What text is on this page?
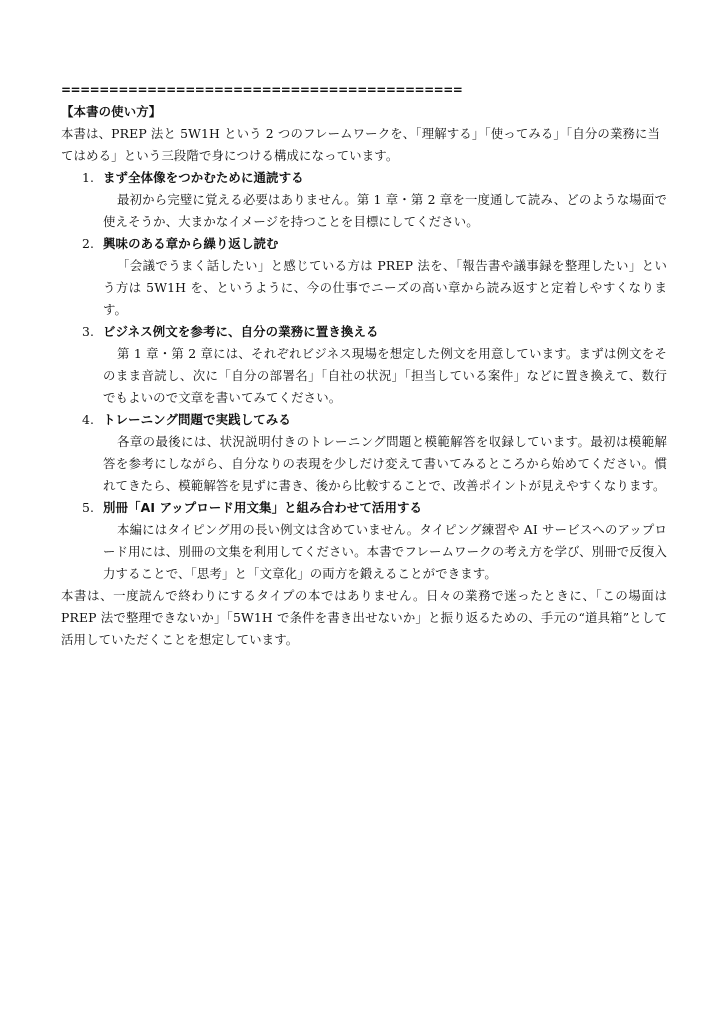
==========================================

【本書の使い方】

本書は、PREP 法と 5W1H という 2 つのフレームワークを、「理解する」「使ってみる」「自分の業務に当てはめる」という三段階で身につける構成になっています。

1. まず全体像をつかむために通読する

最初から完璧に覚える必要はありません。第 1 章・第 2 章を一度通して読み、どのような場面で使えそうか、大まかなイメージを持つことを目標にしてください。

2. 興味のある章から繰り返し読む

「会議でうまく話したい」と感じている方は PREP 法を、「報告書や議事録を整理したい」という方は 5W1H を、というように、今の仕事でニーズの高い章から読み返すと定着しやすくなります。

3. ビジネス例文を参考に、自分の業務に置き換える

第 1 章・第 2 章には、それぞれビジネス現場を想定した例文を用意しています。まずは例文をそのまま音読し、次に「自分の部署名」「自社の状況」「担当している案件」などに置き換えて、数行でもよいので文章を書いてみてください。

4. トレーニング問題で実践してみる

各章の最後には、状況説明付きのトレーニング問題と模範解答を収録しています。最初は模範解答を参考にしながら、自分なりの表現を少しだけ変えて書いてみるところから始めてください。慣れてきたら、模範解答を見ずに書き、後から比較することで、改善ポイントが見えやすくなります。

5. 別冊「AI アップロード用文集」と組み合わせて活用する

本編にはタイピング用の長い例文は含めていません。タイピング練習や AI サービスへのアップロード用には、別冊の文集を利用してください。本書でフレームワークの考え方を学び、別冊で反復入力することで、「思考」と「文章化」の両方を鍛えることができます。

本書は、一度読んで終わりにするタイプの本ではありません。日々の業務で迷ったときに、「この場面は PREP 法で整理できないか」「5W1H で条件を書き出せないか」と振り返るための、手元の“道具箱”として活用していただくことを想定しています。
